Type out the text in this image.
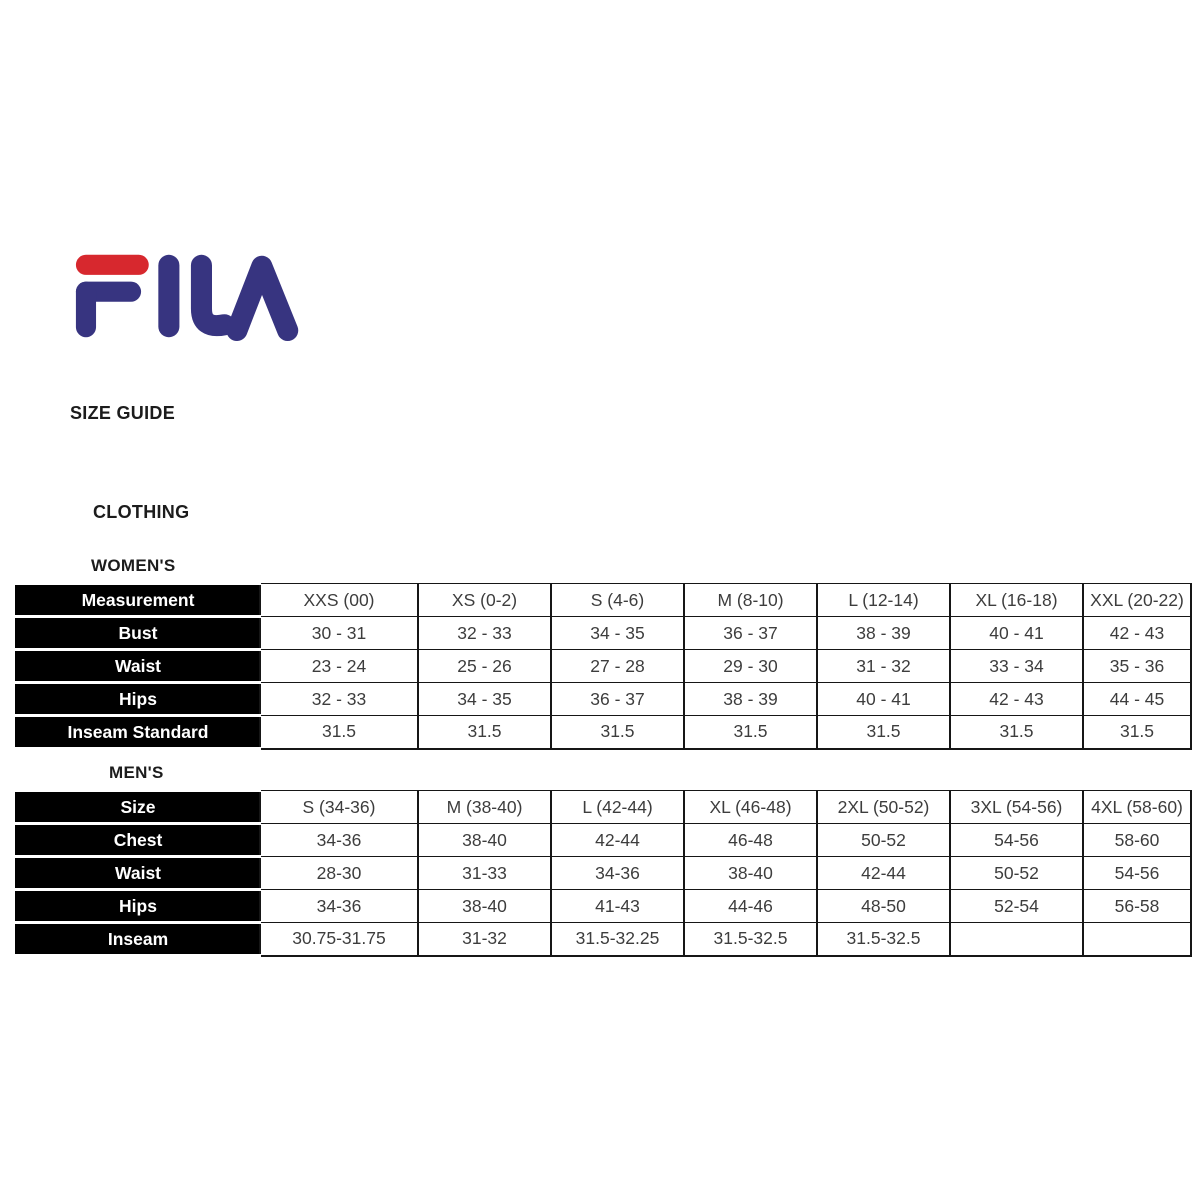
SIZE GUIDE
CLOTHING
WOMEN'S
Measurement	XXS (00)	XS (0-2)	S (4-6)	M (8-10)	L (12-14)	XL (16-18)	XXL (20-22)
Bust	30 - 31	32 - 33	34 - 35	36 - 37	38 - 39	40 - 41	42 - 43
Waist	23 - 24	25 - 26	27 - 28	29 - 30	31 - 32	33 - 34	35 - 36
Hips	32 - 33	34 - 35	36 - 37	38 - 39	40 - 41	42 - 43	44 - 45
Inseam Standard	31.5	31.5	31.5	31.5	31.5	31.5	31.5
MEN'S
Size	S (34-36)	M (38-40)	L (42-44)	XL (46-48)	2XL (50-52)	3XL (54-56)	4XL (58-60)
Chest	34-36	38-40	42-44	46-48	50-52	54-56	58-60
Waist	28-30	31-33	34-36	38-40	42-44	50-52	54-56
Hips	34-36	38-40	41-43	44-46	48-50	52-54	56-58
Inseam	30.75-31.75	31-32	31.5-32.25	31.5-32.5	31.5-32.5		
